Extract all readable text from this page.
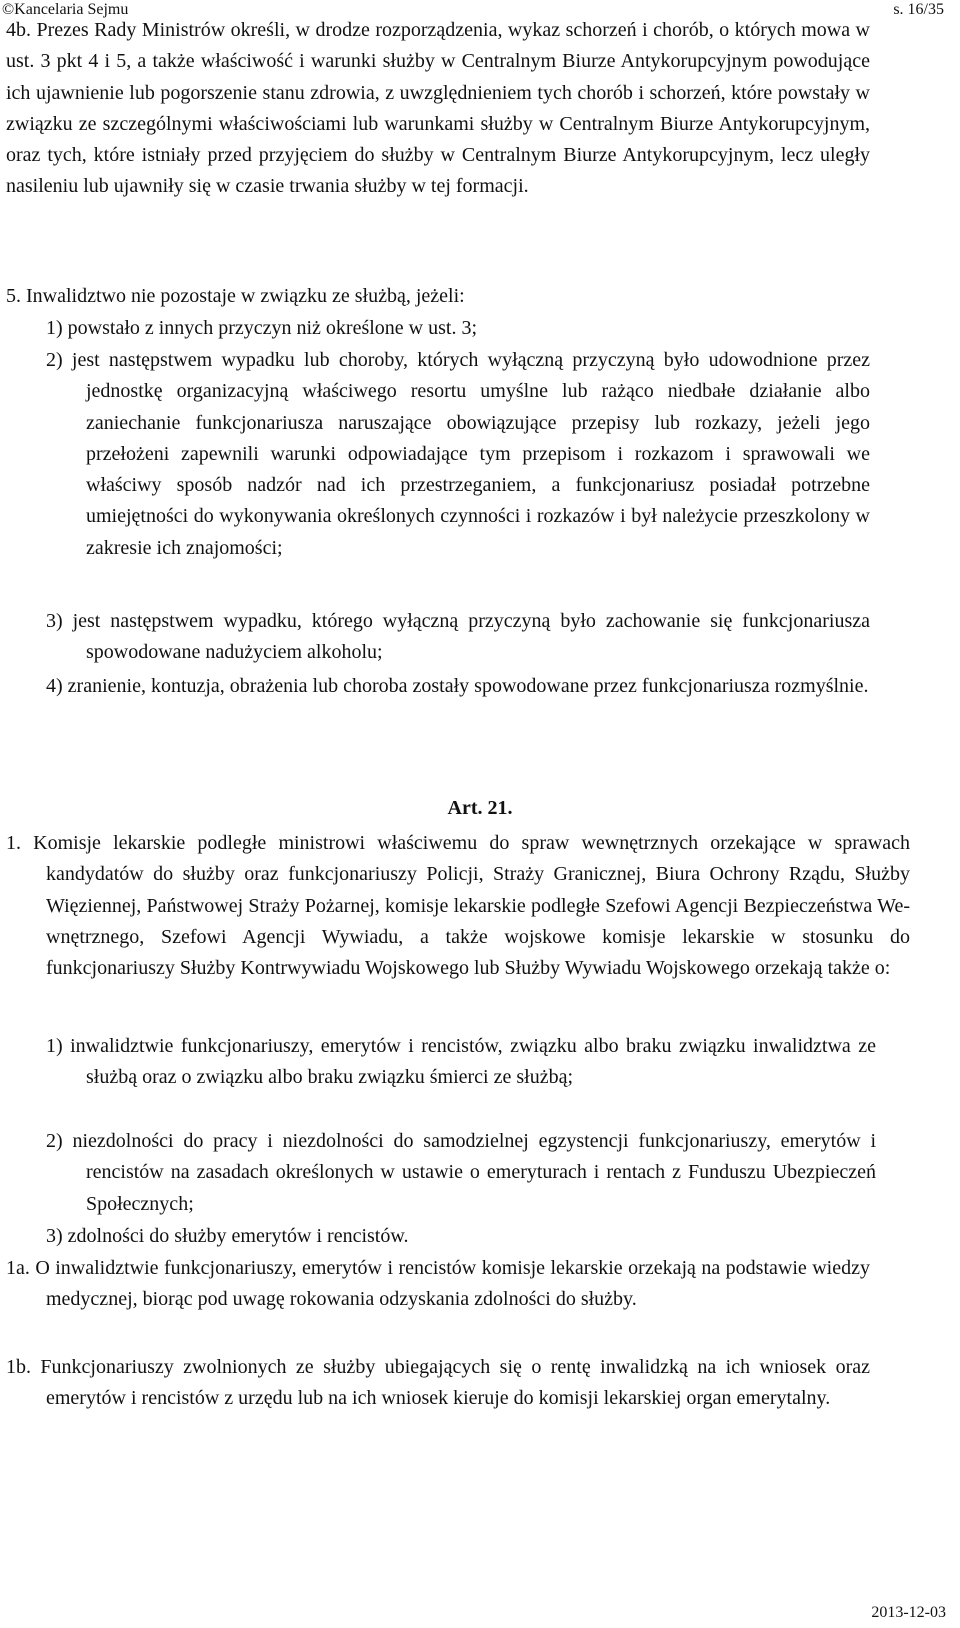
©Kancelaria Sejmu	s. 16/35
4b. Prezes Rady Ministrów określi, w drodze rozporządzenia, wykaz schorzeń i chorób, o których mowa w ust. 3 pkt 4 i 5, a także właściwość i warunki służby w Centralnym Biurze Antykorupcyjnym powodujące ich ujawnienie lub pogorszenie stanu zdrowia, z uwzględnieniem tych chorób i schorzeń, które powstały w związku ze szczególnymi właściwościami lub warunkami służby w Centralnym Biurze Antykorupcyjnym, oraz tych, które istniały przed przyjęciem do służby w Centralnym Biurze Antykorupcyjnym, lecz uległy nasileniu lub ujawniły się w czasie trwania służby w tej formacji.
5. Inwalidztwo nie pozostaje w związku ze służbą, jeżeli:
1) powstało z innych przyczyn niż określone w ust. 3;
2) jest następstwem wypadku lub choroby, których wyłączną przyczyną było udowodnione przez jednostkę organizacyjną właściwego resortu umyślne lub rażąco niedbałe działanie albo zaniechanie funkcjonariusza naruszające obowiązujące przepisy lub rozkazy, jeżeli jego przełożeni zapewnili warunki odpowiadające tym przepisom i rozkazom i sprawowali we właściwy sposób nadzór nad ich przestrzeganiem, a funkcjonariusz posiadał potrzebne umiejętności do wykonywania określonych czynności i rozkazów i był należycie przeszkolony w zakresie ich znajomości;
3) jest następstwem wypadku, którego wyłączną przyczyną było zachowanie się funkcjonariusza spowodowane nadużyciem alkoholu;
4) zranienie, kontuzja, obrażenia lub choroba zostały spowodowane przez funkcjonariusza rozmyślnie.
Art. 21.
1. Komisje lekarskie podległe ministrowi właściwemu do spraw wewnętrznych orzekające w sprawach kandydatów do służby oraz funkcjonariuszy Policji, Straży Granicznej, Biura Ochrony Rządu, Służby Więziennej, Państwowej Straży Pożarnej, komisje lekarskie podległe Szefowi Agencji Bezpieczeństwa Wewnętrznego, Szefowi Agencji Wywiadu, a także wojskowe komisje lekarskie w stosunku do funkcjonariuszy Służby Kontrwywiadu Wojskowego lub Służby Wywiadu Wojskowego orzekają także o:
1) inwalidztwie funkcjonariuszy, emerytów i rencistów, związku albo braku związku inwalidztwa ze służbą oraz o związku albo braku związku śmierci ze służbą;
2) niezdolności do pracy i niezdolności do samodzielnej egzystencji funkcjonariuszy, emerytów i rencistów na zasadach określonych w ustawie o emeryturach i rentach z Funduszu Ubezpieczeń Społecznych;
3) zdolności do służby emerytów i rencistów.
1a. O inwalidztwie funkcjonariuszy, emerytów i rencistów komisje lekarskie orzekają na podstawie wiedzy medycznej, biorąc pod uwagę rokowania odzyskania zdolności do służby.
1b. Funkcjonariuszy zwolnionych ze służby ubiegających się o rentę inwalidzką na ich wniosek oraz emerytów i rencistów z urzędu lub na ich wniosek kieruje do komisji lekarskiej organ emerytalny.
2013-12-03
